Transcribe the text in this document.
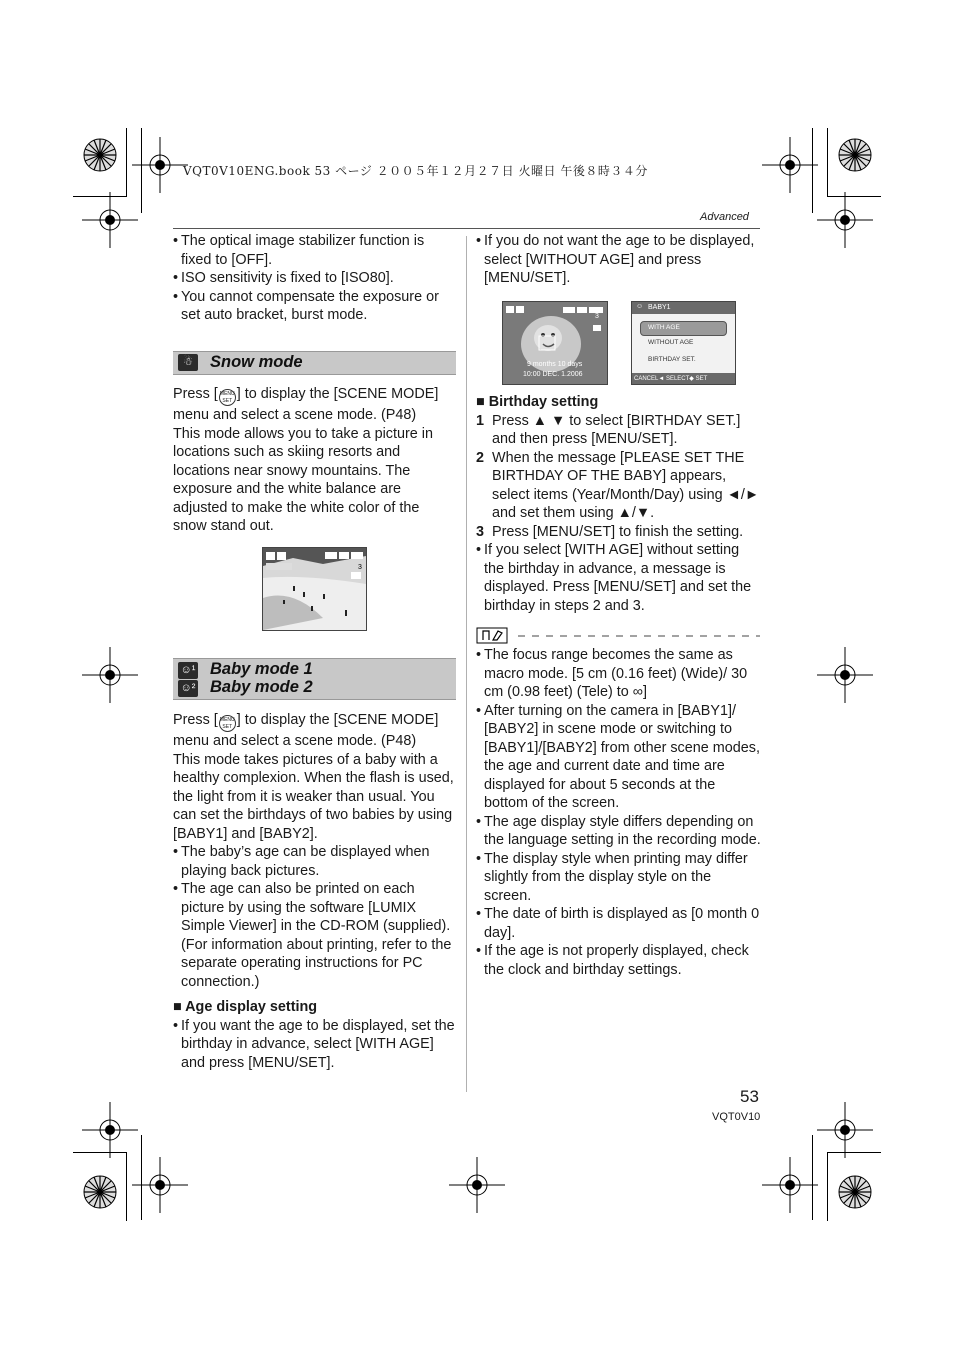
VQT0V10ENG.book 53 ページ ２００５年１２月２７日 火曜日 午後８時３４分
Advanced

• The optical image stabilizer function is fixed to [OFF].

• ISO sensitivity is fixed to [ISO80].

• You cannot compensate the exposure or set auto bracket, burst mode.

☃	Snow mode

Press [ MENU
SET ] to display the [SCENE MODE] menu and select a scene mode. (P48)

This mode allows you to take a picture in locations such as skiing resorts and locations near snowy mountains. The exposure and the white balance are adjusted to make the white color of the snow stand out.

3
☺¹
☺²
Baby mode 1
Baby mode 2

Press [ MENU
SET ] to display the [SCENE MODE] menu and select a scene mode. (P48)

This mode takes pictures of a baby with a healthy complexion. When the flash is used, the light from it is weaker than usual. You can set the birthdays of two babies by using [BABY1] and [BABY2].

• The baby’s age can be displayed when playing back pictures.

• The age can also be printed on each picture by using the software [LUMIX Simple Viewer] in the CD-ROM (supplied). (For information about printing, refer to the separate operating instructions for PC connection.)

■ Age display setting

• If you want the age to be displayed, set the birthday in advance, select [WITH AGE] and press [MENU/SET].

• If you do not want the age to be displayed, select [WITHOUT AGE] and press [MENU/SET].

3
9 months 10 days
10:00 DEC. 1.2006
☺ BABY1
WITH AGE
WITHOUT AGE
BIRTHDAY SET.
CANCEL◄ SELECT◆ SET

■ Birthday setting

1 Press ▲ ▼ to select [BIRTHDAY SET.] and then press [MENU/SET].

2 When the message [PLEASE SET THE BIRTHDAY OF THE BABY] appears, select items (Year/Month/Day) using ◄/► and set them using ▲/▼.

3 Press [MENU/SET] to finish the setting.

• If you select [WITH AGE] without setting the birthday in advance, a message is displayed. Press [MENU/SET] and set the birthday in steps 2 and 3.

• The focus range becomes the same as macro mode. [5 cm (0.16 feet) (Wide)/ 30 cm (0.98 feet) (Tele) to ∞]

• After turning on the camera in [BABY1]/ [BABY2] in scene mode or switching to [BABY1]/[BABY2] from other scene modes, the age and current date and time are displayed for about 5 seconds at the bottom of the screen.

• The age display style differs depending on the language setting in the recording mode.

• The display style when printing may differ slightly from the display style on the screen.

• The date of birth is displayed as [0 month 0 day].

• If the age is not properly displayed, check the clock and birthday settings.

53
VQT0V10
